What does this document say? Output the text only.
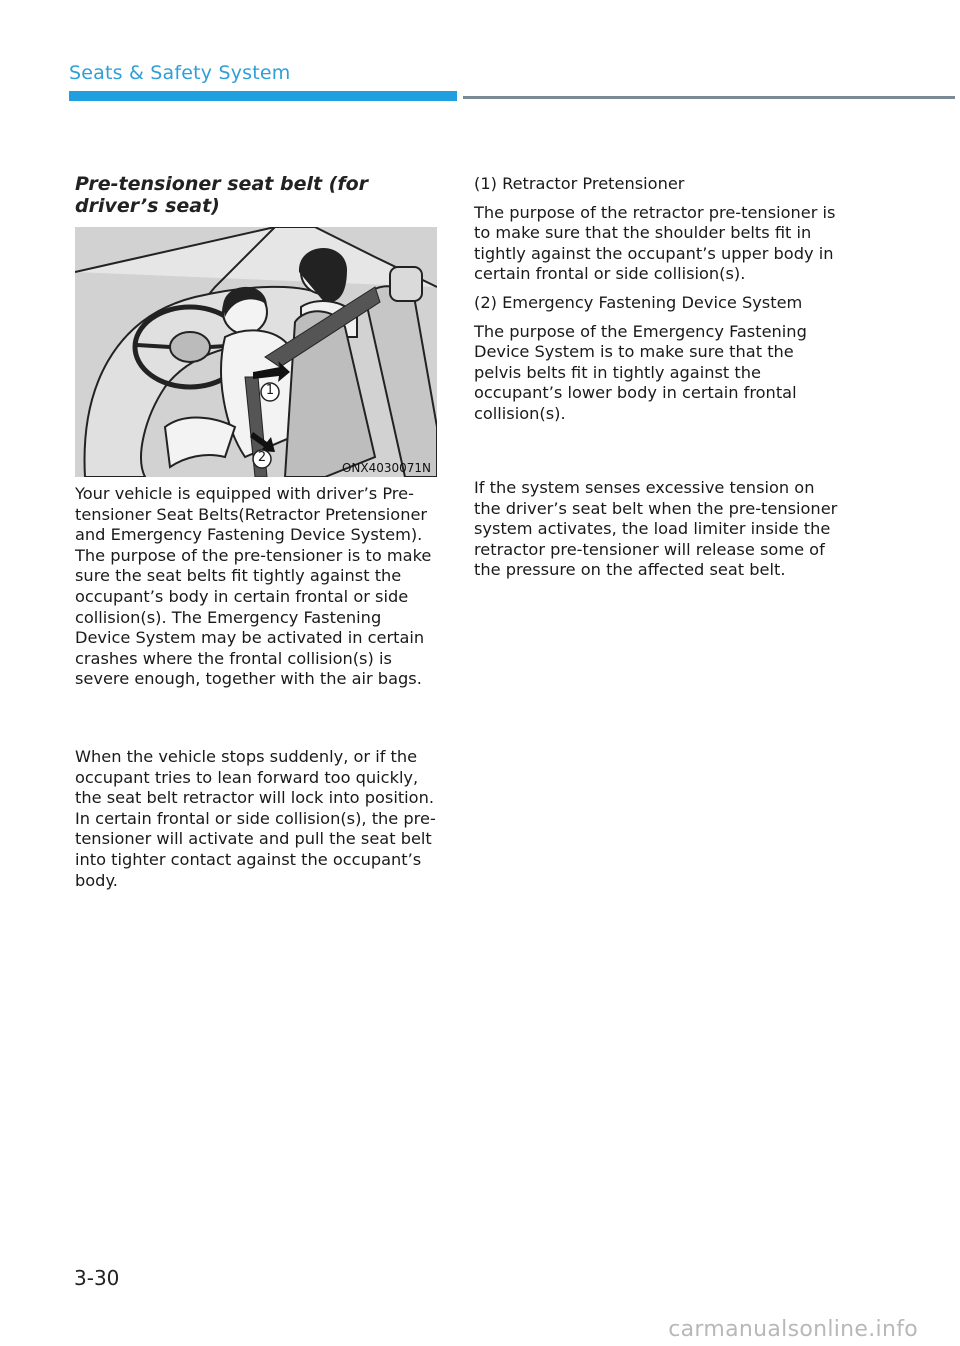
Seats & Safety System
Pre-tensioner seat belt (for driver’s seat)
1
2
ONX4030071N

Your vehicle is equipped with driver’s Pre-tensioner Seat Belts(Retractor Pretensioner and Emergency Fastening Device System). The purpose of the pre-tensioner is to make sure the seat belts fit tightly against the occupant’s body in certain frontal or side collision(s). The Emergency Fastening Device System may be activated in certain crashes where the frontal collision(s) is severe enough, together with the air bags.

When the vehicle stops suddenly, or if the occupant tries to lean forward too quickly, the seat belt retractor will lock into position. In certain frontal or side collision(s), the pre-tensioner will activate and pull the seat belt into tighter contact against the occupant’s body.

(1) Retractor Pretensioner

The purpose of the retractor pre-tensioner is to make sure that the shoulder belts fit in tightly against the occupant’s upper body in certain frontal or side collision(s).

(2) Emergency Fastening Device System

The purpose of the Emergency Fastening Device System is to make sure that the pelvis belts fit in tightly against the occupant’s lower body in certain frontal collision(s).

If the system senses excessive tension on the driver’s seat belt when the pre-tensioner system activates, the load limiter inside the retractor pre-tensioner will release some of the pressure on the affected seat belt.

3-30
carmanualsonline.info
